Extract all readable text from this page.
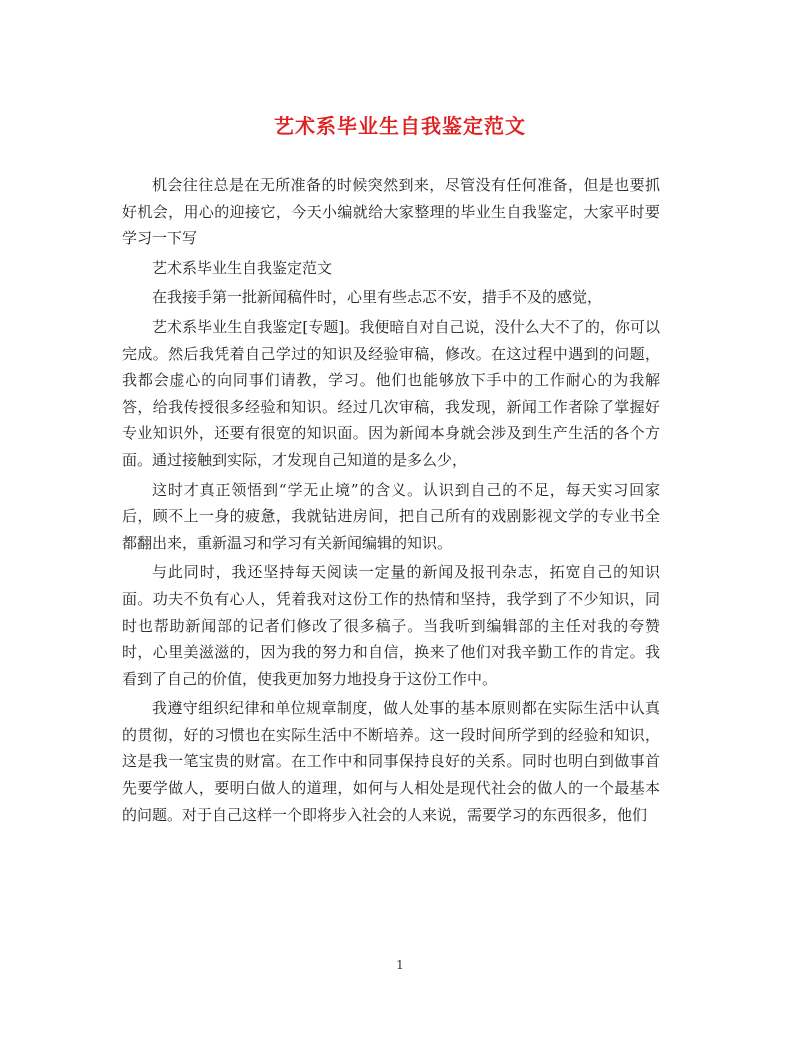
艺术系毕业生自我鉴定范文

机会往往总是在无所准备的时候突然到来，尽管没有任何准备，但是也要抓好机会，用心的迎接它，今天小编就给大家整理的毕业生自我鉴定，大家平时要学习一下写

艺术系毕业生自我鉴定范文

在我接手第一批新闻稿件时，心里有些忐忑不安，措手不及的感觉，

艺术系毕业生自我鉴定[专题]。我便暗自对自己说，没什么大不了的，你可以完成。然后我凭着自己学过的知识及经验审稿，修改。在这过程中遇到的问题，我都会虚心的向同事们请教，学习。他们也能够放下手中的工作耐心的为我解答，给我传授很多经验和知识。经过几次审稿，我发现，新闻工作者除了掌握好专业知识外，还要有很宽的知识面。因为新闻本身就会涉及到生产生活的各个方面。通过接触到实际，才发现自己知道的是多么少，

这时才真正领悟到“学无止境”的含义。认识到自己的不足，每天实习回家后，顾不上一身的疲惫，我就钻进房间，把自己所有的戏剧影视文学的专业书全都翻出来，重新温习和学习有关新闻编辑的知识。

与此同时，我还坚持每天阅读一定量的新闻及报刊杂志，拓宽自己的知识面。功夫不负有心人，凭着我对这份工作的热情和坚持，我学到了不少知识，同时也帮助新闻部的记者们修改了很多稿子。当我听到编辑部的主任对我的夸赞时，心里美滋滋的，因为我的努力和自信，换来了他们对我辛勤工作的肯定。我看到了自己的价值，使我更加努力地投身于这份工作中。

我遵守组织纪律和单位规章制度，做人处事的基本原则都在实际生活中认真的贯彻，好的习惯也在实际生活中不断培养。这一段时间所学到的经验和知识，这是我一笔宝贵的财富。在工作中和同事保持良好的关系。同时也明白到做事首先要学做人，要明白做人的道理，如何与人相处是现代社会的做人的一个最基本的问题。对于自己这样一个即将步入社会的人来说，需要学习的东西很多，他们

1
